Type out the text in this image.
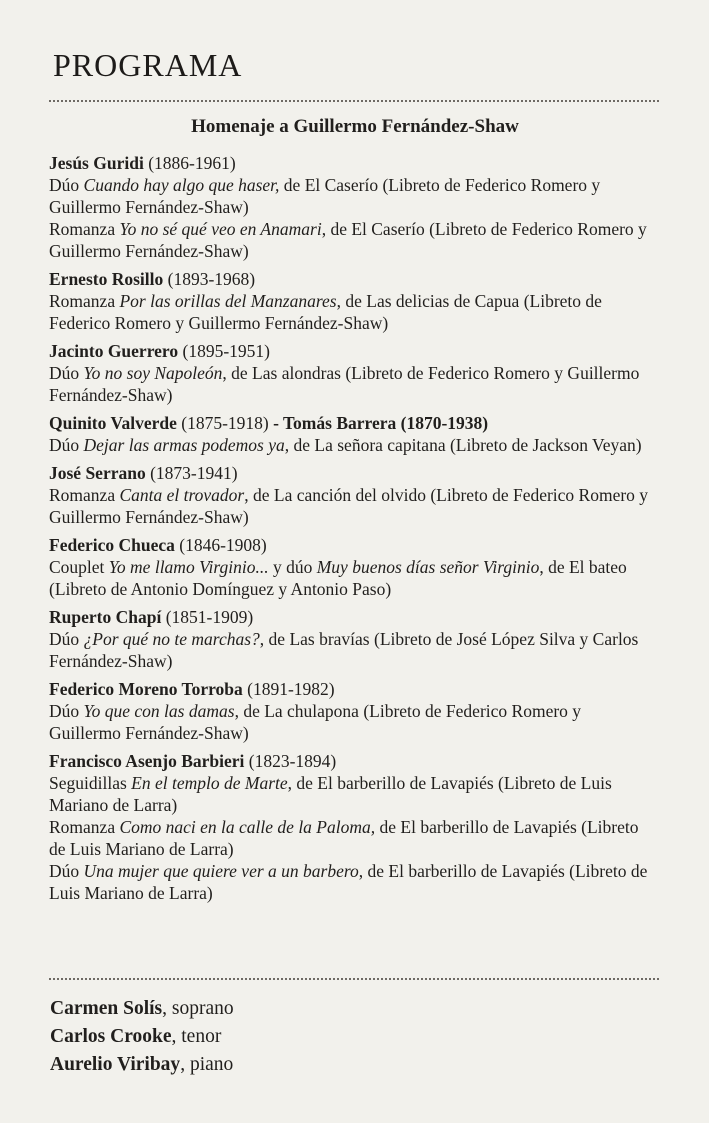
PROGRAMA
Homenaje a Guillermo Fernández-Shaw

Jesús Guridi (1886-1961)

Dúo Cuando hay algo que haser, de El Caserío (Libreto de Federico Romero y Guillermo Fernández-Shaw)

Romanza Yo no sé qué veo en Anamari, de El Caserío (Libreto de Federico Romero y Guillermo Fernández-Shaw)

Ernesto Rosillo (1893-1968)

Romanza Por las orillas del Manzanares, de Las delicias de Capua (Libreto de Federico Romero y Guillermo Fernández-Shaw)

Jacinto Guerrero (1895-1951)

Dúo Yo no soy Napoleón, de Las alondras (Libreto de Federico Romero y Guillermo Fernández-Shaw)

Quinito Valverde (1875-1918) - Tomás Barrera (1870-1938)

Dúo Dejar las armas podemos ya, de La señora capitana (Libreto de Jackson Veyan)

José Serrano (1873-1941)

Romanza Canta el trovador, de La canción del olvido (Libreto de Federico Romero y Guillermo Fernández-Shaw)

Federico Chueca (1846-1908)

Couplet Yo me llamo Virginio... y dúo Muy buenos días señor Virginio, de El bateo (Libreto de Antonio Domínguez y Antonio Paso)

Ruperto Chapí (1851-1909)

Dúo ¿Por qué no te marchas?, de Las bravías (Libreto de José López Silva y Carlos Fernández-Shaw)

Federico Moreno Torroba (1891-1982)

Dúo Yo que con las damas, de La chulapona (Libreto de Federico Romero y Guillermo Fernández-Shaw)

Francisco Asenjo Barbieri (1823-1894)

Seguidillas En el templo de Marte, de El barberillo de Lavapiés (Libreto de Luis Mariano de Larra)

Romanza Como naci en la calle de la Paloma, de El barberillo de Lavapiés (Libreto de Luis Mariano de Larra)

Dúo Una mujer que quiere ver a un barbero, de El barberillo de Lavapiés (Libreto de Luis Mariano de Larra)

Carmen Solís, soprano
Carlos Crooke, tenor
Aurelio Viribay, piano
